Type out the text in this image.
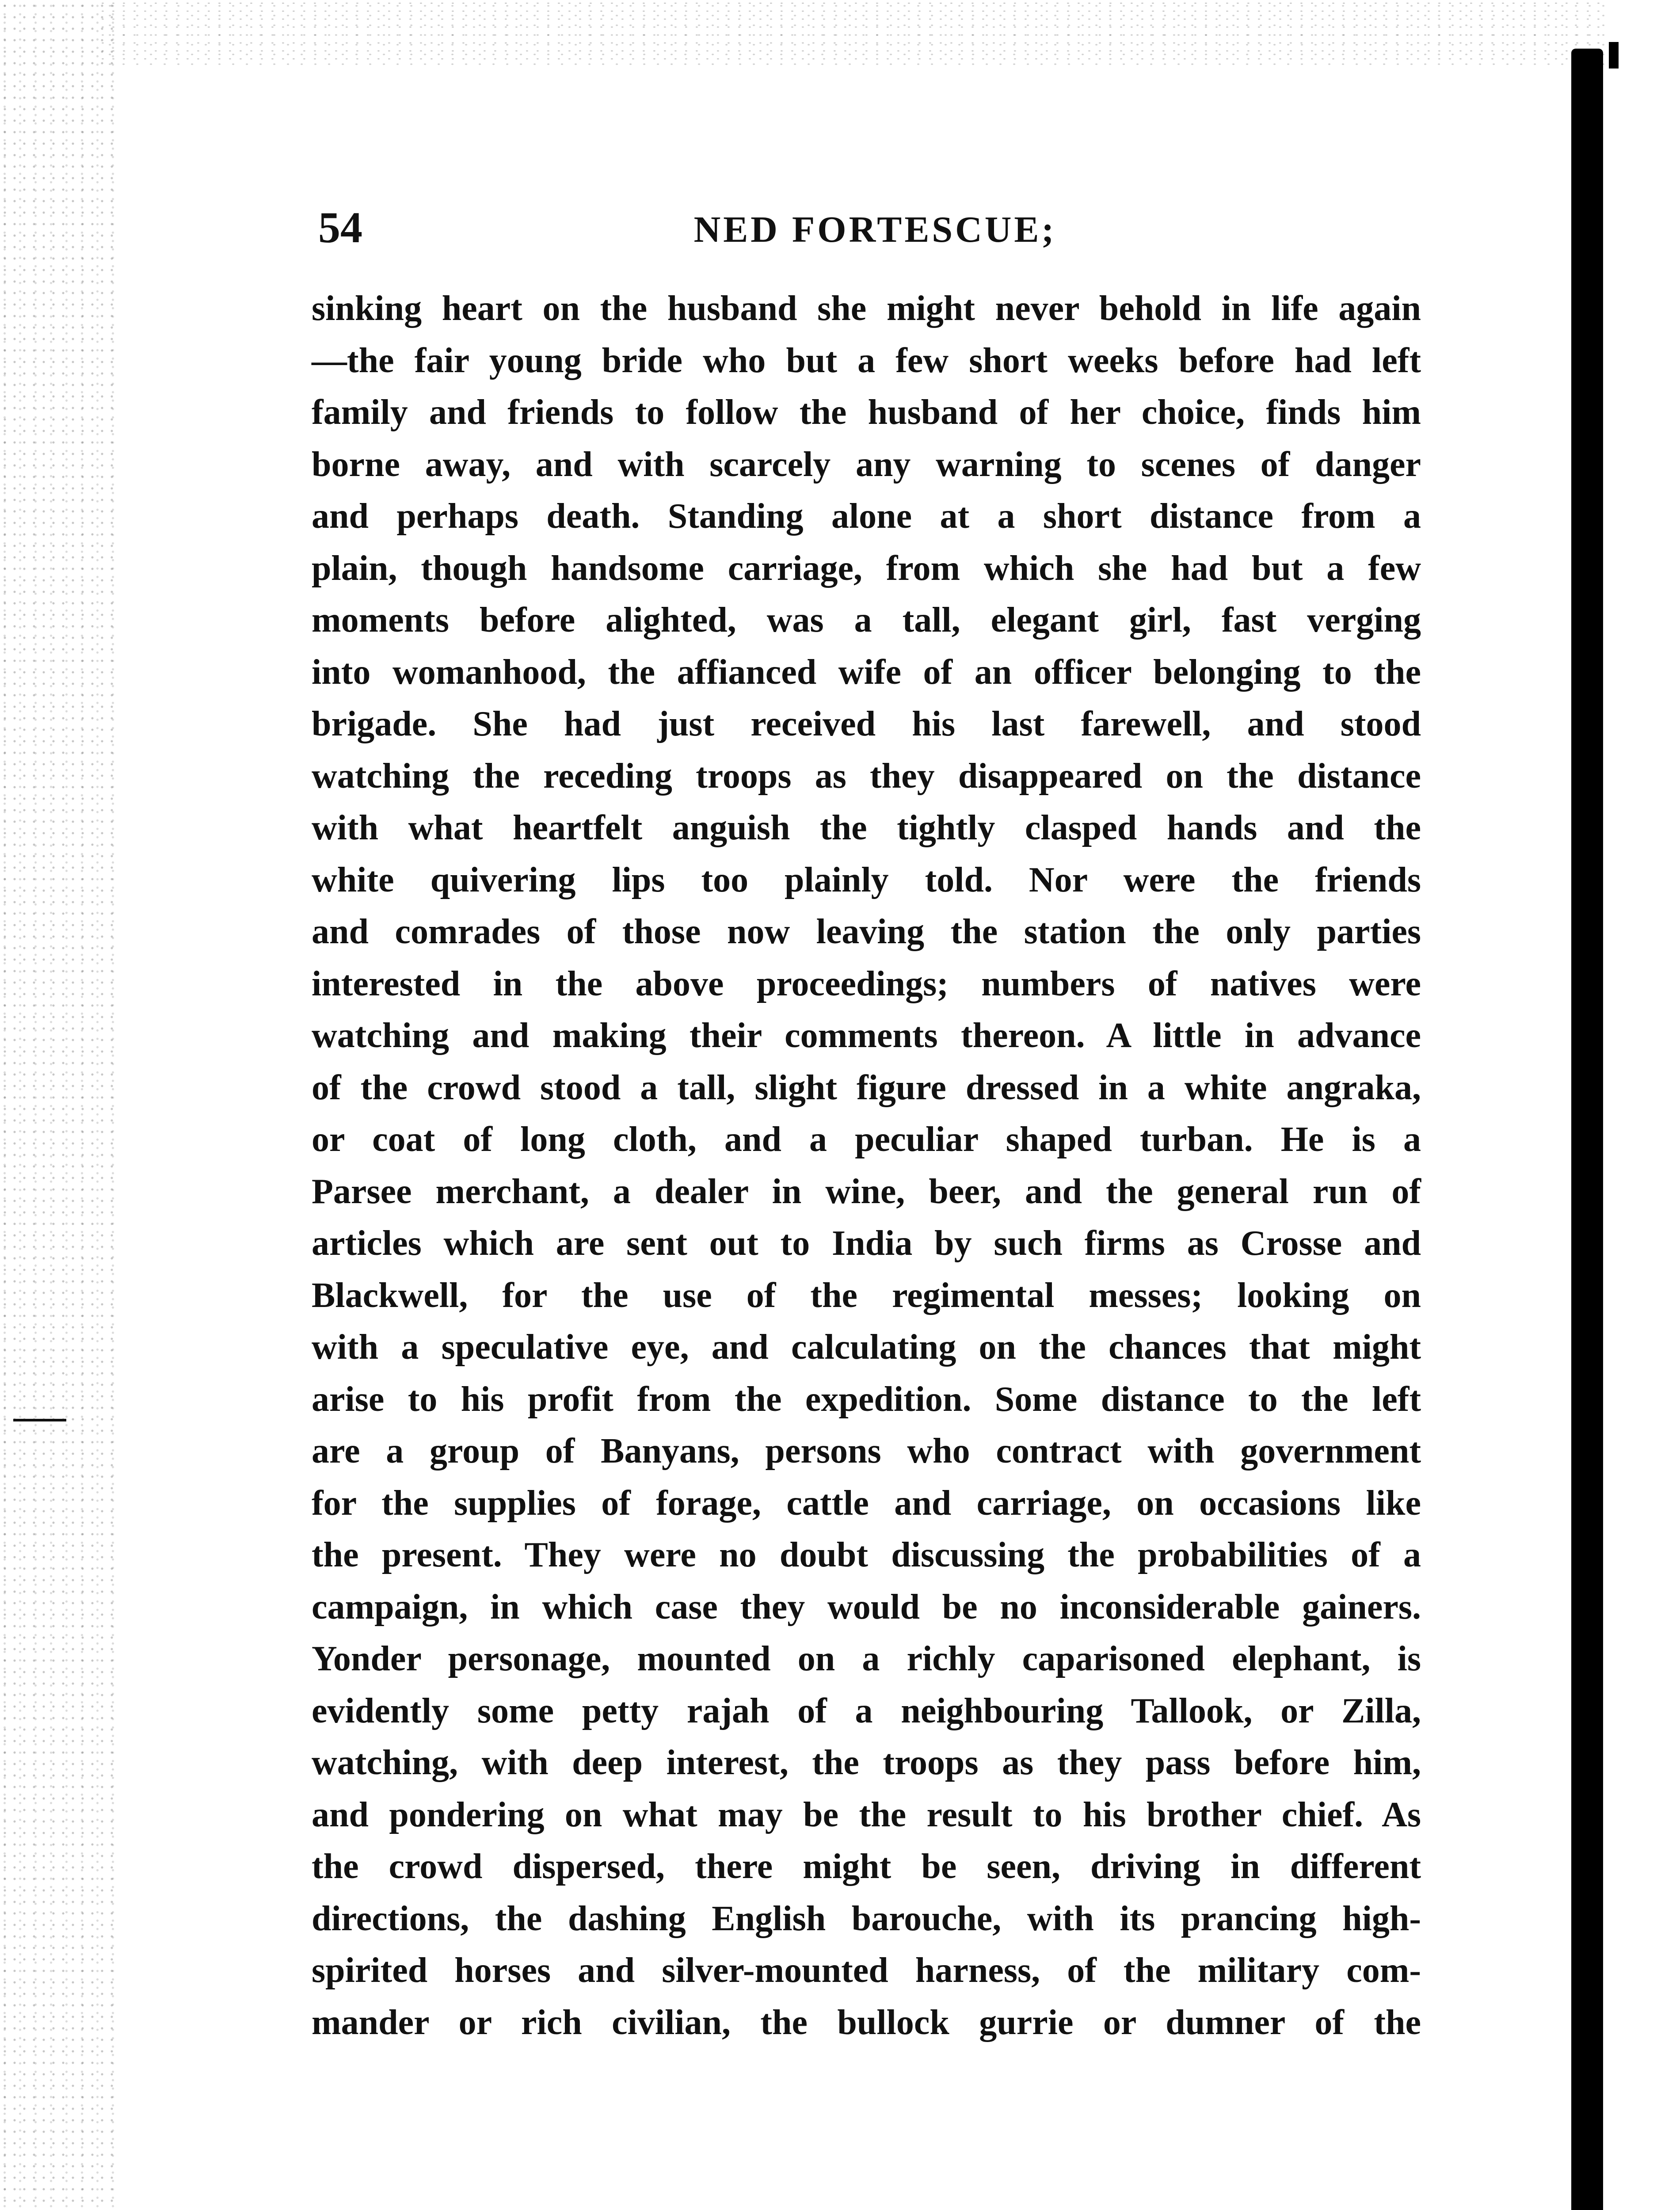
54	NED FORTESCUE;
sinking heart on the husband she might never behold in life again
—the fair young bride who but a few short weeks before had left
family and friends to follow the husband of her choice, finds him
borne away, and with scarcely any warning to scenes of danger
and perhaps death. Standing alone at a short distance from a
plain, though handsome carriage, from which she had but a few
moments before alighted, was a tall, elegant girl, fast verging
into womanhood, the affianced wife of an officer belonging to the
brigade. She had just received his last farewell, and stood
watching the receding troops as they disappeared on the distance
with what heartfelt anguish the tightly clasped hands and the
white quivering lips too plainly told. Nor were the friends
and comrades of those now leaving the station the only parties
interested in the above proceedings; numbers of natives were
watching and making their comments thereon. A little in advance
of the crowd stood a tall, slight figure dressed in a white angraka,
or coat of long cloth, and a peculiar shaped turban. He is a
Parsee merchant, a dealer in wine, beer, and the general run of
articles which are sent out to India by such firms as Crosse and
Blackwell, for the use of the regimental messes; looking on
with a speculative eye, and calculating on the chances that might
arise to his profit from the expedition. Some distance to the left
are a group of Banyans, persons who contract with government
for the supplies of forage, cattle and carriage, on occasions like
the present. They were no doubt discussing the probabilities of a
campaign, in which case they would be no inconsiderable gainers.
Yonder personage, mounted on a richly caparisoned elephant, is
evidently some petty rajah of a neighbouring Tallook, or Zilla,
watching, with deep interest, the troops as they pass before him,
and pondering on what may be the result to his brother chief. As
the crowd dispersed, there might be seen, driving in different
directions, the dashing English barouche, with its prancing high-
spirited horses and silver-mounted harness, of the military com-
mander or rich civilian, the bullock gurrie or dumner of the
